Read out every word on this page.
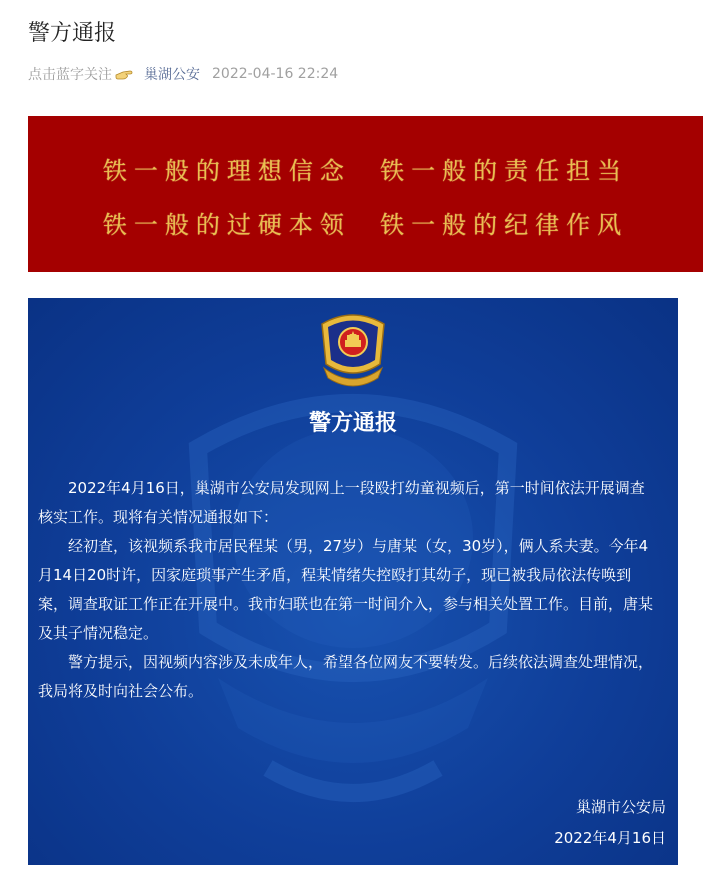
警方通报
点击蓝字关注 巢湖公安 2022-04-16 22:24
铁一般的理想信念  铁一般的责任担当
铁一般的过硬本领  铁一般的纪律作风
警方通报

2022年4月16日，巢湖市公安局发现网上一段殴打幼童视频后，第一时间依法开展调查核实工作。现将有关情况通报如下：

经初查，该视频系我市居民程某（男，27岁）与唐某（女，30岁），俩人系夫妻。今年4月14日20时许，因家庭琐事产生矛盾，程某情绪失控殴打其幼子，现已被我局依法传唤到案，调查取证工作正在开展中。我市妇联也在第一时间介入，参与相关处置工作。目前，唐某及其子情况稳定。

警方提示，因视频内容涉及未成年人，希望各位网友不要转发。后续依法调查处理情况，我局将及时向社会公布。

巢湖市公安局
2022年4月16日
